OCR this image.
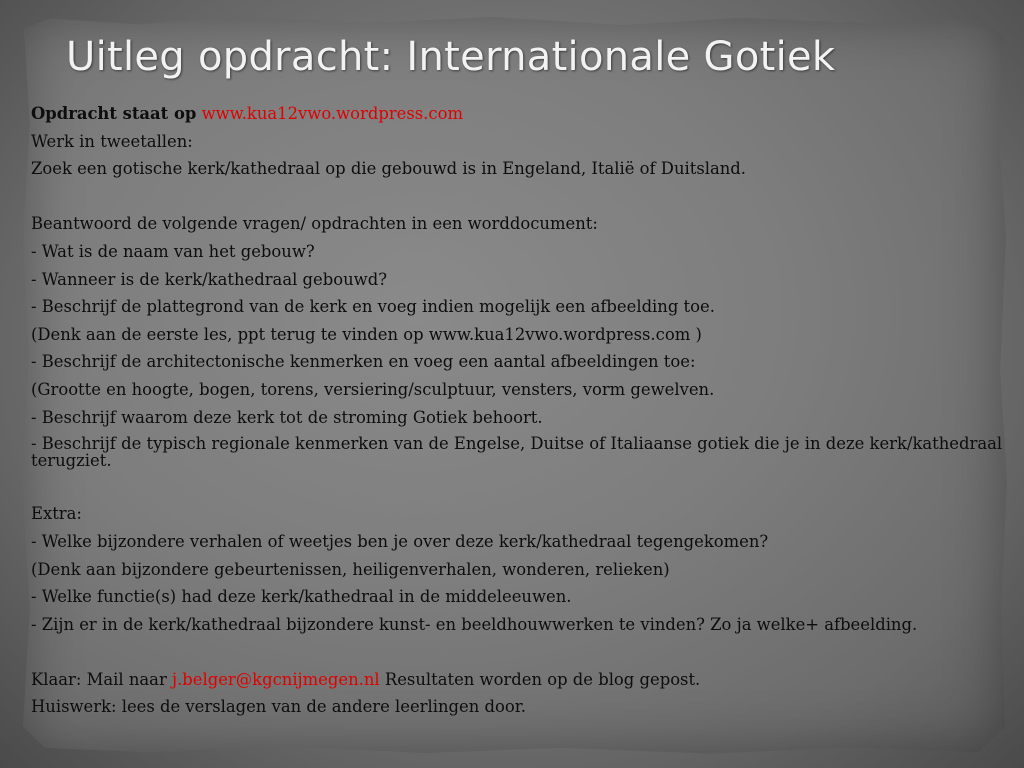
Uitleg opdracht: Internationale Gotiek

Opdracht staat op www.kua12vwo.wordpress.com

Werk in tweetallen:

Zoek een gotische kerk/kathedraal op die gebouwd is in Engeland, Italië of Duitsland.

Beantwoord de volgende vragen/ opdrachten in een worddocument:

- Wat is de naam van het gebouw?

- Wanneer is de kerk/kathedraal gebouwd?

- Beschrijf de plattegrond van de kerk en voeg indien mogelijk een afbeelding toe.

(Denk aan de eerste les, ppt terug te vinden op www.kua12vwo.wordpress.com )

- Beschrijf de architectonische kenmerken en voeg een aantal afbeeldingen toe:

(Grootte en hoogte, bogen, torens, versiering/sculptuur, vensters, vorm gewelven.

- Beschrijf waarom deze kerk tot de stroming Gotiek behoort.

- Beschrijf de typisch regionale kenmerken van de Engelse, Duitse of Italiaanse gotiek die je in deze kerk/kathedraal terugziet.

Extra:

- Welke bijzondere verhalen of weetjes ben je over deze kerk/kathedraal tegengekomen?

(Denk aan bijzondere gebeurtenissen, heiligenverhalen, wonderen, relieken)

- Welke functie(s) had deze kerk/kathedraal in de middeleeuwen.

- Zijn er in de kerk/kathedraal bijzondere kunst- en beeldhouwwerken te vinden? Zo ja welke+ afbeelding.

Klaar: Mail naar j.belger@kgcnijmegen.nl Resultaten worden op de blog gepost.

Huiswerk: lees de verslagen van de andere leerlingen door.
